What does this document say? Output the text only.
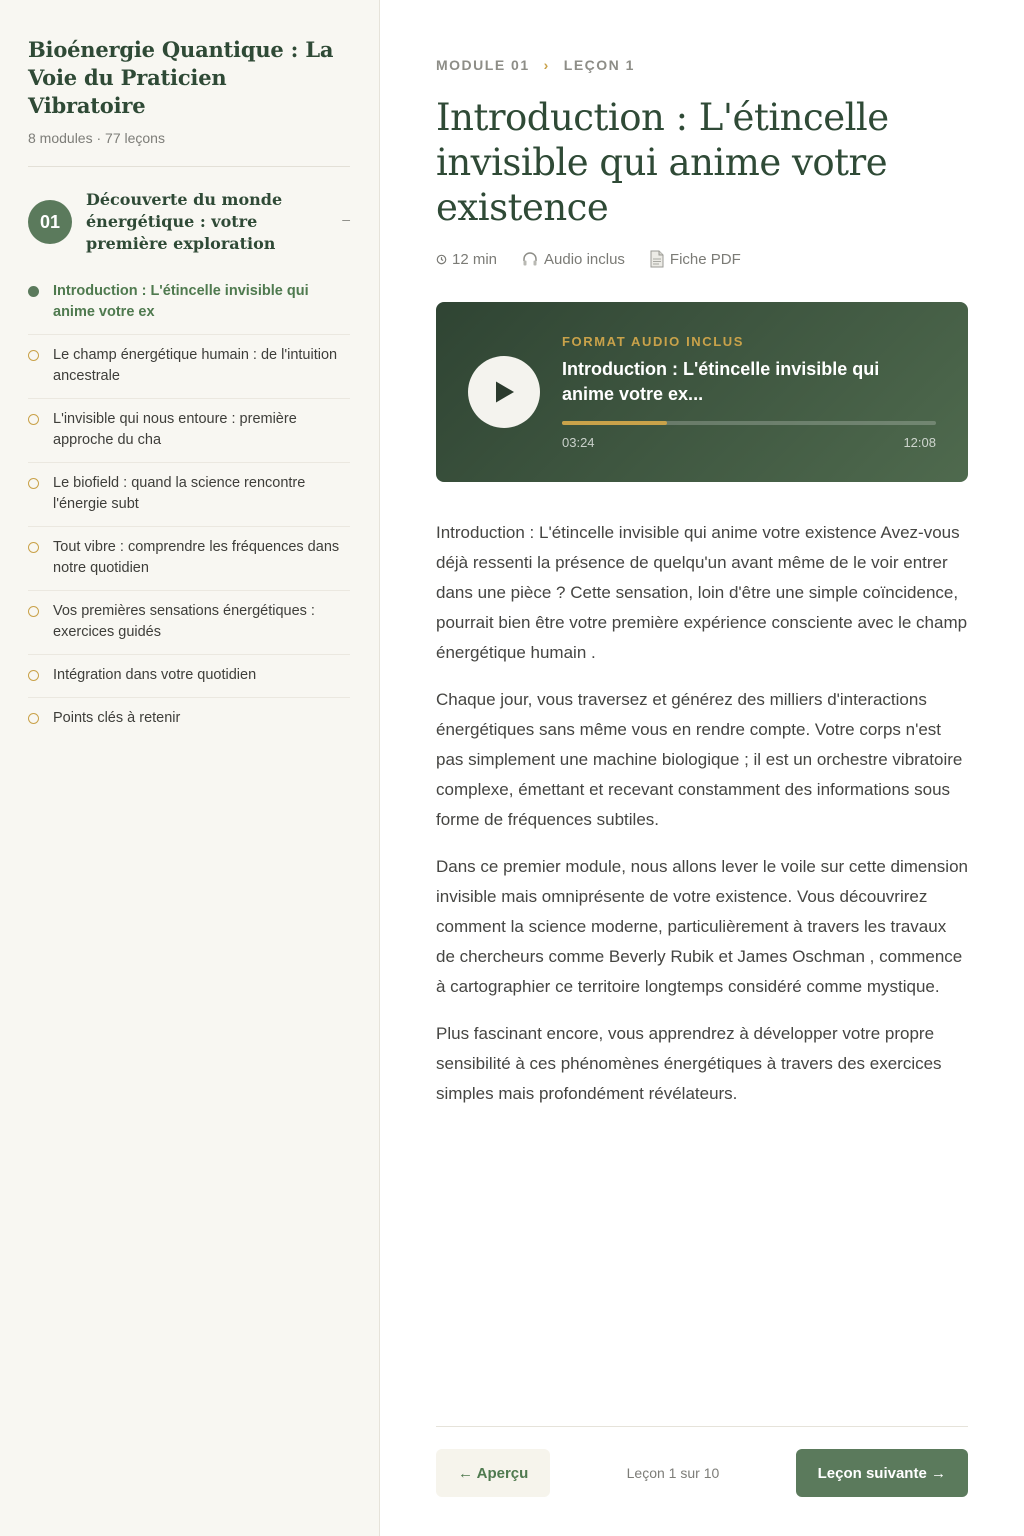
Bioénergie Quantique : La Voie du Praticien Vibratoire
8 modules · 77 leçons
01
Découverte du monde énergétique : votre première exploration
–
Introduction : L'étincelle invisible qui anime votre ex
Le champ énergétique humain : de l'intuition ancestrale
L'invisible qui nous entoure : première approche du cha
Le biofield : quand la science rencontre l'énergie subt
Tout vibre : comprendre les fréquences dans notre quotidien
Vos premières sensations énergétiques : exercices guidés
Intégration dans votre quotidien
Points clés à retenir
MODULE 01 › LEÇON 1
Introduction : L'étincelle invisible qui anime votre existence
12 min	Audio inclus	Fiche PDF
FORMAT AUDIO INCLUS
Introduction : L'étincelle invisible qui anime votre ex...
03:24	12:08

Introduction : L'étincelle invisible qui anime votre existence Avez-vous déjà ressenti la présence de quelqu'un avant même de le voir entrer dans une pièce ? Cette sensation, loin d'être une simple coïncidence, pourrait bien être votre première expérience consciente avec le champ énergétique humain .

Chaque jour, vous traversez et générez des milliers d'interactions énergétiques sans même vous en rendre compte. Votre corps n'est pas simplement une machine biologique ; il est un orchestre vibratoire complexe, émettant et recevant constamment des informations sous forme de fréquences subtiles.

Dans ce premier module, nous allons lever le voile sur cette dimension invisible mais omniprésente de votre existence. Vous découvrirez comment la science moderne, particulièrement à travers les travaux de chercheurs comme Beverly Rubik et James Oschman , commence à cartographier ce territoire longtemps considéré comme mystique.

Plus fascinant encore, vous apprendrez à développer votre propre sensibilité à ces phénomènes énergétiques à travers des exercices simples mais profondément révélateurs.

← Aperçu	Leçon 1 sur 10	Leçon suivante →
